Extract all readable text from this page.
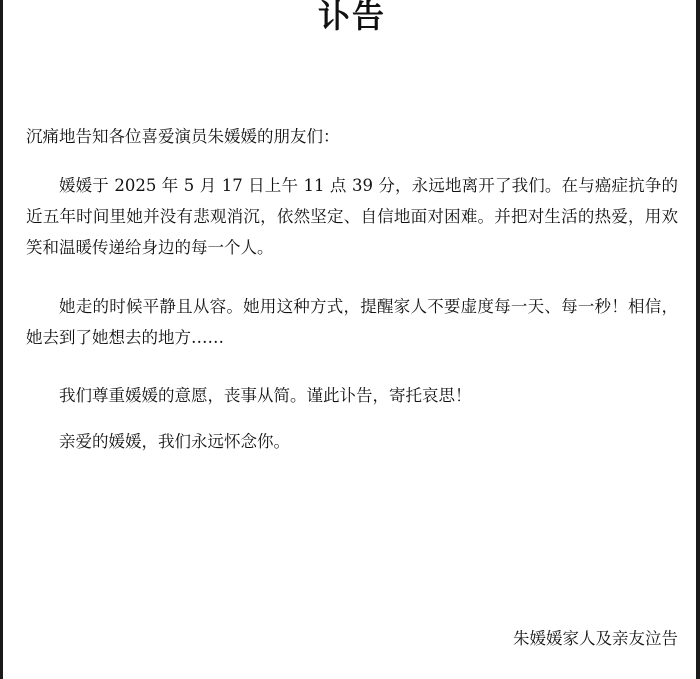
讣告
沉痛地告知各位喜爱演员朱媛媛的朋友们：

媛媛于 2025 年 5 月 17 日上午 11 点 39 分，永远地离开了我们。在与癌症抗争的近五年时间里她并没有悲观消沉，依然坚定、自信地面对困难。并把对生活的热爱，用欢笑和温暖传递给身边的每一个人。

她走的时候平静且从容。她用这种方式，提醒家人不要虚度每一天、每一秒！相信，她去到了她想去的地方……

我们尊重媛媛的意愿，丧事从简。谨此讣告，寄托哀思！

亲爱的媛媛，我们永远怀念你。

朱媛媛家人及亲友泣告
